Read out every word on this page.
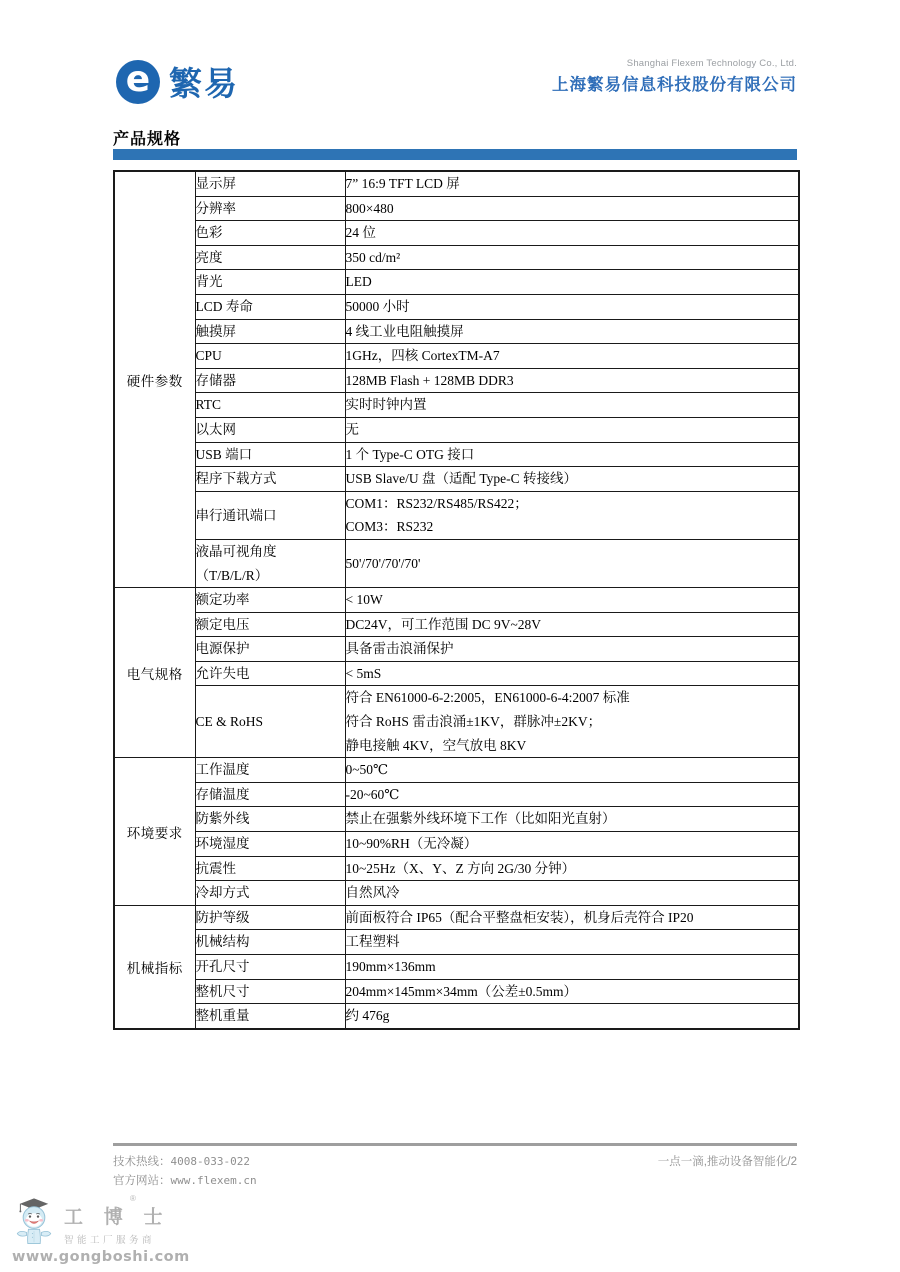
e 繁易
Shanghai Flexem Technology Co., Ltd.
上海繁易信息科技股份有限公司
产品规格
硬件参数	显示屏	7” 16:9 TFT LCD 屏

	分辨率	800×480

	色彩	24 位

	亮度	350 cd/m²

	背光	LED

	LCD 寿命	50000 小时

	触摸屏	4 线工业电阻触摸屏

	CPU	1GHz，四核 CortexTM-A7

	存储器	128MB Flash + 128MB DDR3

	RTC	实时时钟内置

	以太网	无

	USB 端口	1 个 Type-C OTG 接口

	程序下载方式	USB Slave/U 盘（适配 Type-C 转接线）

	串行通讯端口	COM1：RS232/RS485/RS422；
COM3：RS232

	液晶可视角度
（T/B/L/R）	50'/70'/70'/70'

电气规格	额定功率	< 10W

	额定电压	DC24V，可工作范围 DC 9V~28V

	电源保护	具备雷击浪涌保护

	允许失电	< 5mS

	CE & RoHS	符合 EN61000-6-2:2005，EN61000-6-4:2007 标准
符合 RoHS 雷击浪涌±1KV，群脉冲±2KV；
静电接触 4KV，空气放电 8KV

环境要求	工作温度	0~50℃

	存储温度	-20~60℃

	防紫外线	禁止在强紫外线环境下工作（比如阳光直射）

	环境湿度	10~90%RH（无冷凝）

	抗震性	10~25Hz（X、Y、Z 方向 2G/30 分钟）

	冷却方式	自然风冷

机械指标	防护等级	前面板符合 IP65（配合平整盘柜安装），机身后壳符合 IP20

	机械结构	工程塑料

	开孔尺寸	190mm×136mm

	整机尺寸	204mm×145mm×34mm（公差±0.5mm）

	整机重量	约 476g
技术热线：4008-033-022
官方网站：www.flexem.cn
一点一滴,推动设备智能化/2
®
工 博 士
智能工厂服务商
www.gongboshi.com
